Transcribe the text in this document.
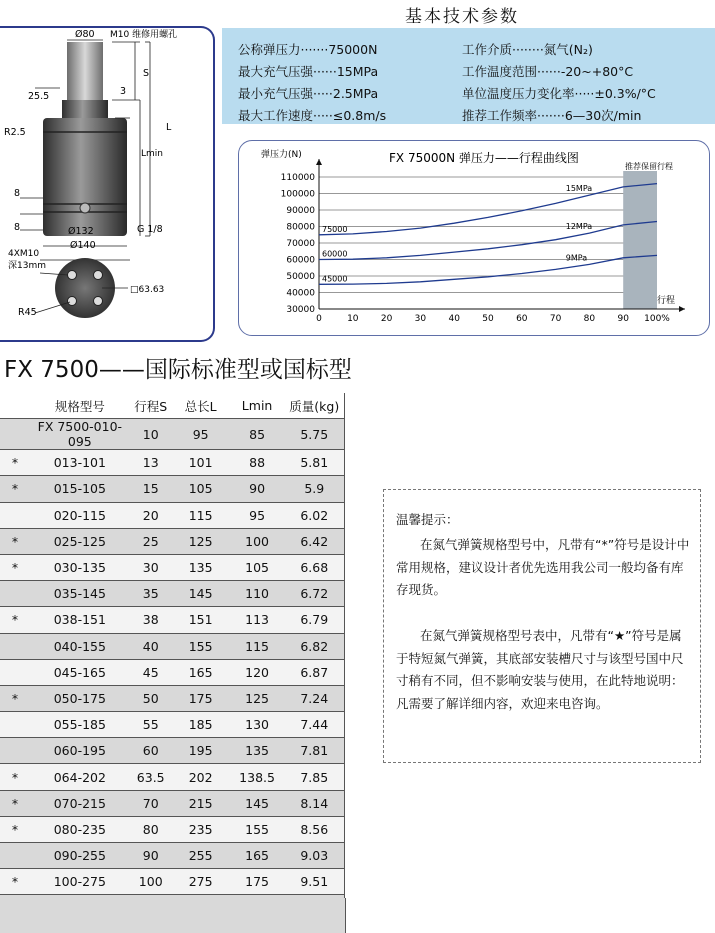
Ø80 M10 维修用螺孔
S
L
Lmin
25.5	3
R2.5
8
8	Ø132
Ø140
G 1/8
4XM10
深13mm
□63.63
R45
基本技术参数
公称弹压力·······75000N
最大充气压强······15MPa
最小充气压强·····2.5MPa
最大工作速度·····≤0.8m/s
工作介质········氮气(N₂)
工作温度范围······-20~+80°C
单位温度压力变化率·····±0.3%/°C
推荐工作频率·······6—30次/min
30000
40000
50000
60000
70000
80000
90000
100000
110000
0	10 20 30 40 50 60 70 80 90 100%
75000
15MPa
60000
12MPa
45000
9MPa
FX 75000N 弹压力——行程曲线图
弹压力(N)
行程
推荐保留行程
FX 7500——国际标准型或国标型
	规格型号	行程S	总长L	Lmin	质量(kg)
	FX 7500-010-095	10	95	85	5.75
*	013-101	13	101	88	5.81
*	015-105	15	105	90	5.9
	020-115	20	115	95	6.02
*	025-125	25	125	100	6.42
*	030-135	30	135	105	6.68
	035-145	35	145	110	6.72
*	038-151	38	151	113	6.79
	040-155	40	155	115	6.82
	045-165	45	165	120	6.87
*	050-175	50	175	125	7.24
	055-185	55	185	130	7.44
	060-195	60	195	135	7.81
*	064-202	63.5	202	138.5	7.85
*	070-215	70	215	145	8.14
*	080-235	80	235	155	8.56
	090-255	90	255	165	9.03
*	100-275	100	275	175	9.51

温馨提示：
在氮气弹簧规格型号中，凡带有“*”符号是设计中常用规格，建议设计者优先选用我公司一般均备有库存现货。
在氮气弹簧规格型号表中，凡带有“★”符号是属于特短氮气弹簧，其底部安装槽尺寸与该型号国中尺寸稍有不同，但不影响安装与使用，在此特地说明：凡需要了解详细内容，欢迎来电咨询。
